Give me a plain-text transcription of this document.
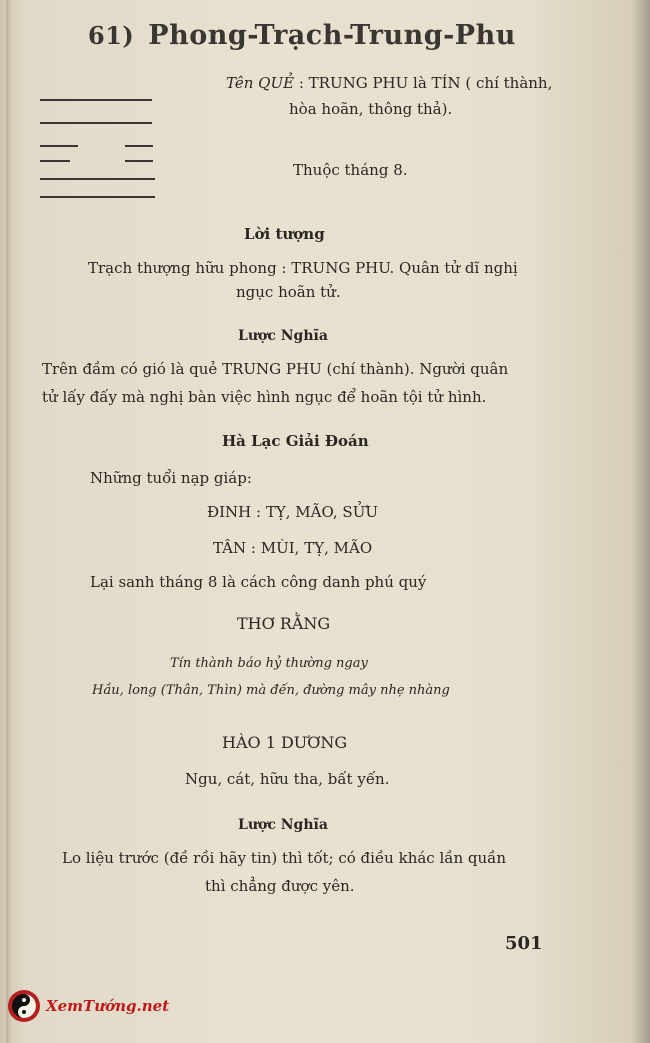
61) Phong-Trạch-Trung-Phu
Tên QUẺ : TRUNG PHU là TÍN ( chí thành,
hòa hoãn, thông thả).
Thuộc tháng 8.
Lời tượng
Trạch thượng hữu phong : TRUNG PHU. Quân tử dĩ nghị
ngục hoãn tử.
Lược Nghĩa
Trên đầm có gió là quẻ TRUNG PHU (chí thành). Người quân
tử lấy đấy mà nghị bàn việc hình ngục để hoãn tội tử hình.
Hà Lạc Giải Đoán
Những tuổi nạp giáp:
ĐINH : TỴ, MÃO, SỬU
TÂN : MÙI, TỴ, MÃO
Lại sanh tháng 8 là cách công danh phú quý
THƠ RẰNG
Tín thành báo hỷ thường ngay
Hầu, long (Thân, Thìn) mà đến, đường mây nhẹ nhàng
HÀO 1 DƯƠNG
Ngu, cát, hữu tha, bất yến.
Lược Nghĩa
Lo liệu trước (đề rồi hãy tin) thì tốt; có điều khác lần quần
thì chẳng được yên.
501
XemTướng.net
